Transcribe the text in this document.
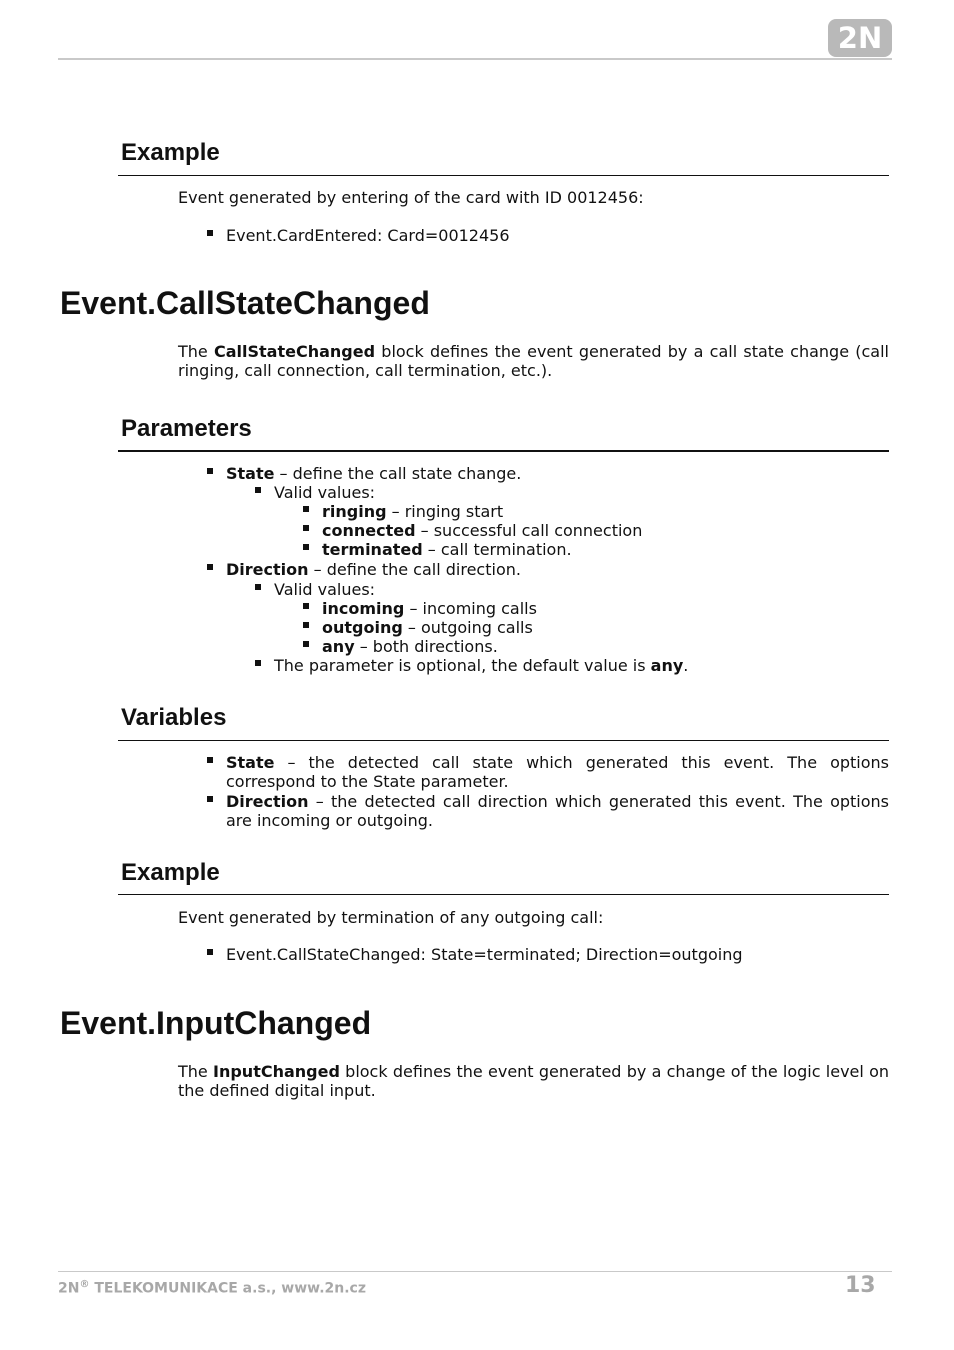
2N
Example

Event generated by entering of the card with ID 0012456:

Event.CardEntered: Card=0012456

Event.CallStateChanged

The CallStateChanged block defines the event generated by a call state change (call ringing, call connection, call termination, etc.).

Parameters

State – define the call state change.

Valid values:

ringing – ringing start

connected – successful call connection

terminated – call termination.

Direction – define the call direction.

Valid values:

incoming – incoming calls

outgoing – outgoing calls

any – both directions.

The parameter is optional, the default value is any.

Variables

State – the detected call state which generated this event. The options correspond to the State parameter.

Direction – the detected call direction which generated this event. The options are incoming or outgoing.

Example

Event generated by termination of any outgoing call:

Event.CallStateChanged: State=terminated; Direction=outgoing

Event.InputChanged

The InputChanged block defines the event generated by a change of the logic level on the defined digital input.

2N® TELEKOMUNIKACE a.s., www.2n.cz	13
